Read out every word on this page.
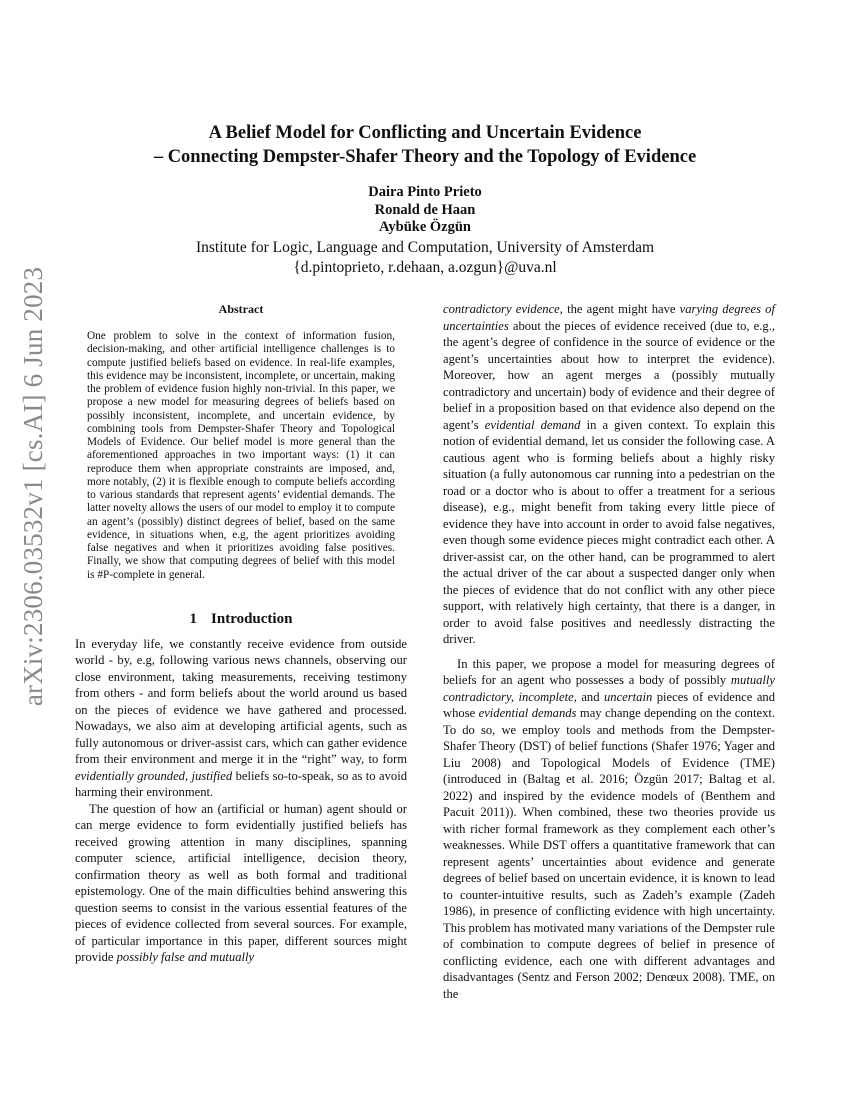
arXiv:2306.03532v1 [cs.AI] 6 Jun 2023
A Belief Model for Conflicting and Uncertain Evidence
– Connecting Dempster-Shafer Theory and the Topology of Evidence
Daira Pinto Prieto
Ronald de Haan
Aybüke Özgün
Institute for Logic, Language and Computation, University of Amsterdam
{d.pintoprieto, r.dehaan, a.ozgun}@uva.nl
Abstract

One problem to solve in the context of information fusion, decision-making, and other artificial intelligence challenges is to compute justified beliefs based on evidence. In real-life examples, this evidence may be inconsistent, incomplete, or uncertain, making the problem of evidence fusion highly non-trivial. In this paper, we propose a new model for measuring degrees of beliefs based on possibly inconsistent, incomplete, and uncertain evidence, by combining tools from Dempster-Shafer Theory and Topological Models of Evidence. Our belief model is more general than the aforementioned approaches in two important ways: (1) it can reproduce them when appropriate constraints are imposed, and, more notably, (2) it is flexible enough to compute beliefs according to various standards that represent agents’ evidential demands. The latter novelty allows the users of our model to employ it to compute an agent’s (possibly) distinct degrees of belief, based on the same evidence, in situations when, e.g, the agent prioritizes avoiding false negatives and when it prioritizes avoiding false positives. Finally, we show that computing degrees of belief with this model is #P-complete in general.

1 Introduction

In everyday life, we constantly receive evidence from outside world - by, e.g, following various news channels, observing our close environment, taking measurements, receiving testimony from others - and form beliefs about the world around us based on the pieces of evidence we have gathered and processed. Nowadays, we also aim at developing artificial agents, such as fully autonomous or driver-assist cars, which can gather evidence from their environment and merge it in the “right” way, to form evidentially grounded, justified beliefs so-to-speak, so as to avoid harming their environment.

The question of how an (artificial or human) agent should or can merge evidence to form evidentially justified beliefs has received growing attention in many disciplines, spanning computer science, artificial intelligence, decision theory, confirmation theory as well as both formal and traditional epistemology. One of the main difficulties behind answering this question seems to consist in the various essential features of the pieces of evidence collected from several sources. For example, of particular importance in this paper, different sources might provide possibly false and mutually

contradictory evidence, the agent might have varying degrees of uncertainties about the pieces of evidence received (due to, e.g., the agent’s degree of confidence in the source of evidence or the agent’s uncertainties about how to interpret the evidence). Moreover, how an agent merges a (possibly mutually contradictory and uncertain) body of evidence and their degree of belief in a proposition based on that evidence also depend on the agent’s evidential demand in a given context. To explain this notion of evidential demand, let us consider the following case. A cautious agent who is forming beliefs about a highly risky situation (a fully autonomous car running into a pedestrian on the road or a doctor who is about to offer a treatment for a serious disease), e.g., might benefit from taking every little piece of evidence they have into account in order to avoid false negatives, even though some evidence pieces might contradict each other. A driver-assist car, on the other hand, can be programmed to alert the actual driver of the car about a suspected danger only when the pieces of evidence that do not conflict with any other piece support, with relatively high certainty, that there is a danger, in order to avoid false positives and needlessly distracting the driver.

In this paper, we propose a model for measuring degrees of beliefs for an agent who possesses a body of possibly mutually contradictory, incomplete, and uncertain pieces of evidence and whose evidential demands may change depending on the context. To do so, we employ tools and methods from the Dempster-Shafer Theory (DST) of belief functions (Shafer 1976; Yager and Liu 2008) and Topological Models of Evidence (TME) (introduced in (Baltag et al. 2016; Özgün 2017; Baltag et al. 2022) and inspired by the evidence models of (Benthem and Pacuit 2011)). When combined, these two theories provide us with richer formal framework as they complement each other’s weaknesses. While DST offers a quantitative framework that can represent agents’ uncertainties about evidence and generate degrees of belief based on uncertain evidence, it is known to lead to counter-intuitive results, such as Zadeh’s example (Zadeh 1986), in presence of conflicting evidence with high uncertainty. This problem has motivated many variations of the Dempster rule of combination to compute degrees of belief in presence of conflicting evidence, each one with different advantages and disadvantages (Sentz and Ferson 2002; Denœux 2008). TME, on the
